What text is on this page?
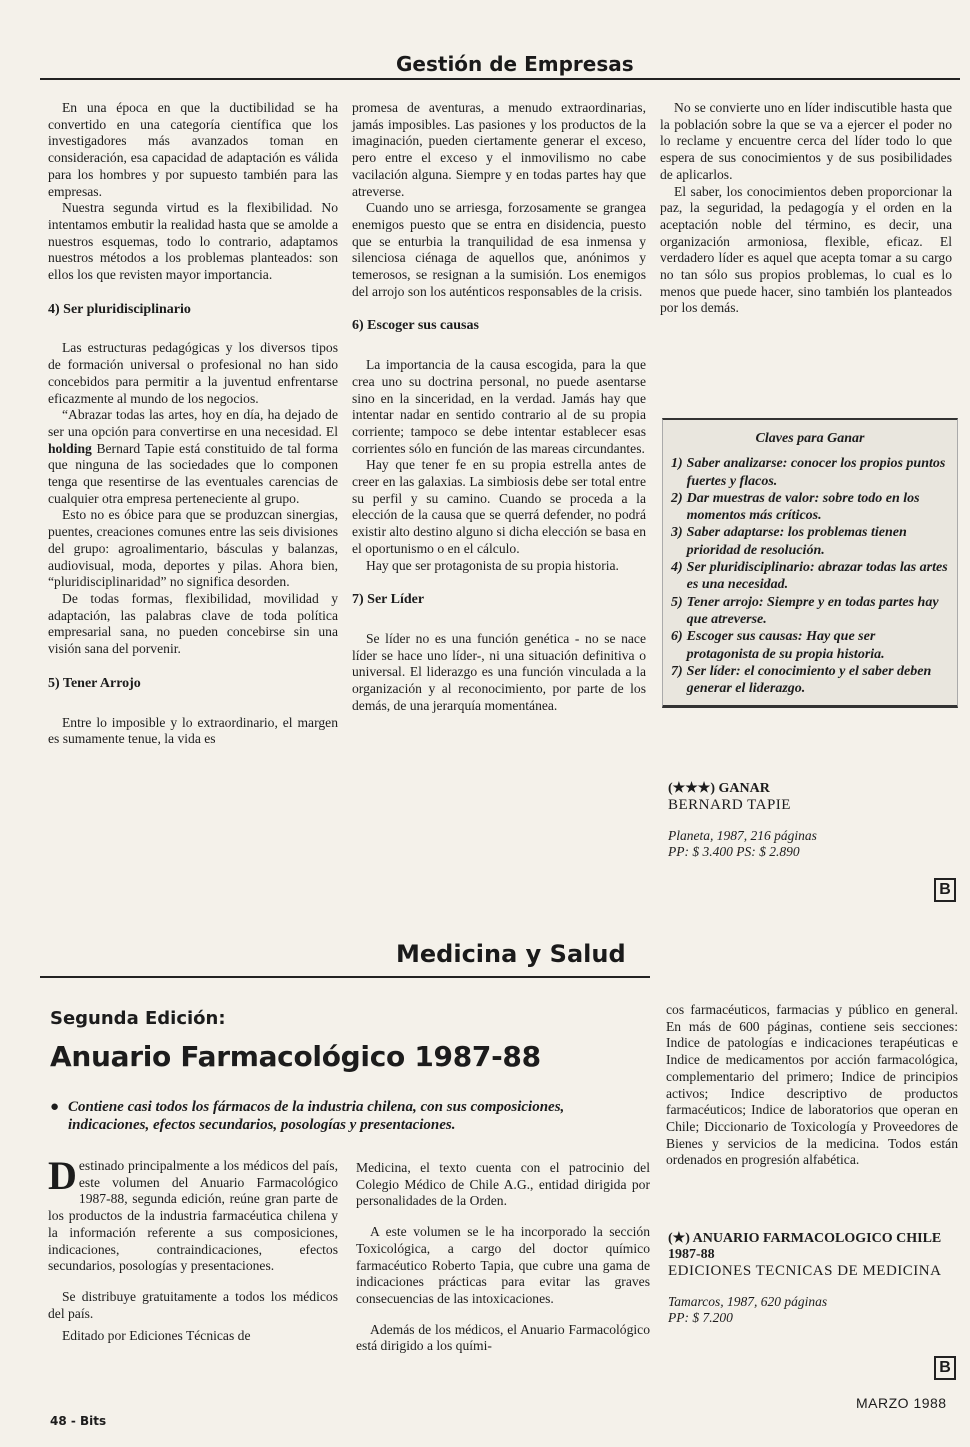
Gestión de Empresas

En una época en que la ductibilidad se ha convertido en una categoría científica que los investigadores más avanzados toman en consideración, esa capacidad de adaptación es válida para los hombres y por supuesto también para las empresas.

Nuestra segunda virtud es la flexibilidad. No intentamos embutir la realidad hasta que se amolde a nuestros esquemas, todo lo contrario, adaptamos nuestros métodos a los problemas planteados: son ellos los que revisten mayor importancia.

4) Ser pluridisciplinario

Las estructuras pedagógicas y los diversos tipos de formación universal o profesional no han sido concebidos para permitir a la juventud enfrentarse eficazmente al mundo de los negocios.

“Abrazar todas las artes, hoy en día, ha dejado de ser una opción para convertirse en una necesidad. El holding Bernard Tapie está constituido de tal forma que ninguna de las sociedades que lo componen tenga que resentirse de las eventuales carencias de cualquier otra empresa perteneciente al grupo.

Esto no es óbice para que se produzcan sinergias, puentes, creaciones comunes entre las seis divisiones del grupo: agroalimentario, básculas y balanzas, audiovisual, moda, deportes y pilas. Ahora bien, “pluridisciplinaridad” no significa desorden.

De todas formas, flexibilidad, movilidad y adaptación, las palabras clave de toda política empresarial sana, no pueden concebirse sin una visión sana del porvenir.

5) Tener Arrojo

Entre lo imposible y lo extraordinario, el margen es sumamente tenue, la vida es

promesa de aventuras, a menudo extraordinarias, jamás imposibles. Las pasiones y los productos de la imaginación, pueden ciertamente generar el exceso, pero entre el exceso y el inmovilismo no cabe vacilación alguna. Siempre y en todas partes hay que atreverse.

Cuando uno se arriesga, forzosamente se grangea enemigos puesto que se entra en disidencia, puesto que se enturbia la tranquilidad de esa inmensa y silenciosa ciénaga de aquellos que, anónimos y temerosos, se resignan a la sumisión. Los enemigos del arrojo son los auténticos responsables de la crisis.

6) Escoger sus causas

La importancia de la causa escogida, para la que crea uno su doctrina personal, no puede asentarse sino en la sinceridad, en la verdad. Jamás hay que intentar nadar en sentido contrario al de su propia corriente; tampoco se debe intentar establecer esas corrientes sólo en función de las mareas circundantes.

Hay que tener fe en su propia estrella antes de creer en las galaxias. La simbiosis debe ser total entre su perfil y su camino. Cuando se proceda a la elección de la causa que se querrá defender, no podrá existir alto destino alguno si dicha elección se basa en el oportunismo o en el cálculo.

Hay que ser protagonista de su propia historia.

7) Ser Líder

Se líder no es una función genética - no se nace líder se hace uno líder-, ni una situación definitiva o universal. El liderazgo es una función vinculada a la organización y al reconocimiento, por parte de los demás, de una jerarquía momentánea.

No se convierte uno en líder indiscutible hasta que la población sobre la que se va a ejercer el poder no lo reclame y encuentre cerca del líder todo lo que espera de sus conocimientos y de sus posibilidades de aplicarlos.

El saber, los conocimientos deben proporcionar la paz, la seguridad, la pedagogía y el orden en la aceptación noble del término, es decir, una organización armoniosa, flexible, eficaz. El verdadero líder es aquel que acepta tomar a su cargo no tan sólo sus propios problemas, lo cual es lo menos que puede hacer, sino también los planteados por los demás.

Claves para Ganar
1) Saber analizarse: conocer los propios puntos fuertes y flacos.
2) Dar muestras de valor: sobre todo en los momentos más críticos.
3) Saber adaptarse: los problemas tienen prioridad de resolución.
4) Ser pluridisciplinario: abrazar todas las artes es una necesidad.
5) Tener arrojo: Siempre y en todas partes hay que atreverse.
6) Escoger sus causas: Hay que ser protagonista de su propia historia.
7) Ser líder: el conocimiento y el saber deben generar el liderazgo.
(★★★) GANAR
BERNARD TAPIE
Planeta, 1987, 216 páginas
PP: $ 3.400 PS: $ 2.890
B
Medicina y Salud
Segunda Edición:
Anuario Farmacológico 1987-88
● Contiene casi todos los fármacos de la industria chilena, con sus composiciones, indicaciones, efectos secundarios, posologías y presentaciones.

Destinado principalmente a los médicos del país, este volumen del Anuario Farmacológico 1987-88, segunda edición, reúne gran parte de los productos de la industria farmacéutica chilena y la información referente a sus composiciones, indicaciones, contraindicaciones, efectos secundarios, posologías y presentaciones.

Se distribuye gratuitamente a todos los médicos del país.

Editado por Ediciones Técnicas de

Medicina, el texto cuenta con el patrocinio del Colegio Médico de Chile A.G., entidad dirigida por personalidades de la Orden.

A este volumen se le ha incorporado la sección Toxicológica, a cargo del doctor químico farmacéutico Roberto Tapia, que cubre una gama de indicaciones prácticas para evitar las graves consecuencias de las intoxicaciones.

Además de los médicos, el Anuario Farmacológico está dirigido a los quími-

cos farmacéuticos, farmacias y público en general. En más de 600 páginas, contiene seis secciones: Indice de patologías e indicaciones terapéuticas e Indice de medicamentos por acción farmacológica, complementario del primero; Indice de principios activos; Indice descriptivo de productos farmacéuticos; Indice de laboratorios que operan en Chile; Diccionario de Toxicología y Proveedores de Bienes y servicios de la medicina. Todos están ordenados en progresión alfabética.

(★) ANUARIO FARMACOLOGICO CHILE 1987-88
EDICIONES TECNICAS DE MEDICINA
Tamarcos, 1987, 620 páginas
PP: $ 7.200
B
48 - Bits
MARZO 1988
